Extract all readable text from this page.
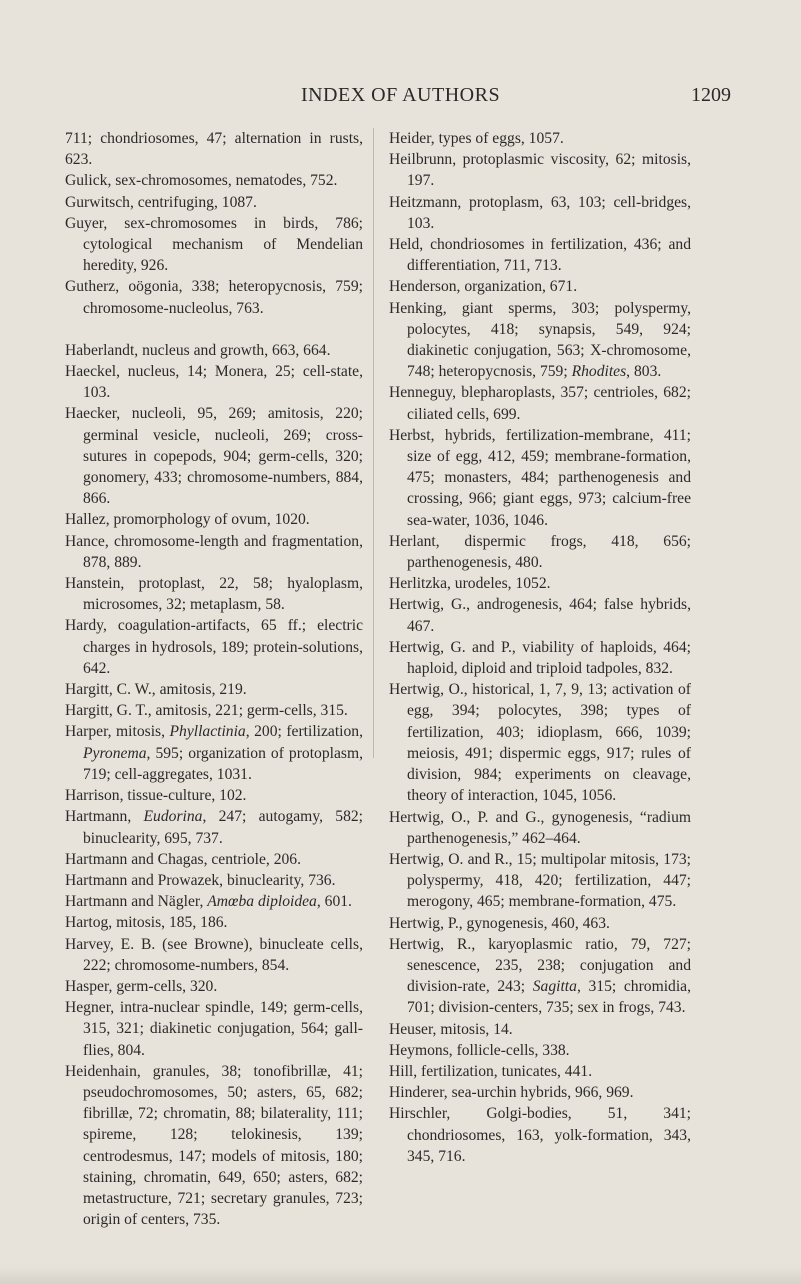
INDEX OF AUTHORS	1209

711; chondriosomes, 47; alternation in rusts, 623.

Gulick, sex-chromosomes, nematodes, 752.

Gurwitsch, centrifuging, 1087.

Guyer, sex-chromosomes in birds, 786; cytological mechanism of Mendelian heredity, 926.

Gutherz, oögonia, 338; heteropycnosis, 759; chromosome-nucleolus, 763.

Haberlandt, nucleus and growth, 663, 664.

Haeckel, nucleus, 14; Monera, 25; cell-state, 103.

Haecker, nucleoli, 95, 269; amitosis, 220; germinal vesicle, nucleoli, 269; cross-sutures in copepods, 904; germ-cells, 320; gonomery, 433; chromosome-numbers, 884, 866.

Hallez, promorphology of ovum, 1020.

Hance, chromosome-length and fragmentation, 878, 889.

Hanstein, protoplast, 22, 58; hyaloplasm, microsomes, 32; metaplasm, 58.

Hardy, coagulation-artifacts, 65 ff.; electric charges in hydrosols, 189; protein-solutions, 642.

Hargitt, C. W., amitosis, 219.

Hargitt, G. T., amitosis, 221; germ-cells, 315.

Harper, mitosis, Phyllactinia, 200; fertilization, Pyronema, 595; organization of protoplasm, 719; cell-aggregates, 1031.

Harrison, tissue-culture, 102.

Hartmann, Eudorina, 247; autogamy, 582; binuclearity, 695, 737.

Hartmann and Chagas, centriole, 206.

Hartmann and Prowazek, binuclearity, 736.

Hartmann and Nägler, Amœba diploidea, 601.

Hartog, mitosis, 185, 186.

Harvey, E. B. (see Browne), binucleate cells, 222; chromosome-numbers, 854.

Hasper, germ-cells, 320.

Hegner, intra-nuclear spindle, 149; germ-cells, 315, 321; diakinetic conjugation, 564; gall-flies, 804.

Heidenhain, granules, 38; tonofibrillæ, 41; pseudochromosomes, 50; asters, 65, 682; fibrillæ, 72; chromatin, 88; bilaterality, 111; spireme, 128; telokinesis, 139; centrodesmus, 147; models of mitosis, 180; staining, chromatin, 649, 650; asters, 682; metastructure, 721; secretary granules, 723; origin of centers, 735.

Heider, types of eggs, 1057.

Heilbrunn, protoplasmic viscosity, 62; mitosis, 197.

Heitzmann, protoplasm, 63, 103; cell-bridges, 103.

Held, chondriosomes in fertilization, 436; and differentiation, 711, 713.

Henderson, organization, 671.

Henking, giant sperms, 303; polyspermy, polocytes, 418; synapsis, 549, 924; diakinetic conjugation, 563; X-chromosome, 748; heteropycnosis, 759; Rhodites, 803.

Henneguy, blepharoplasts, 357; centrioles, 682; ciliated cells, 699.

Herbst, hybrids, fertilization-membrane, 411; size of egg, 412, 459; membrane-formation, 475; monasters, 484; parthenogenesis and crossing, 966; giant eggs, 973; calcium-free sea-water, 1036, 1046.

Herlant, dispermic frogs, 418, 656; parthenogenesis, 480.

Herlitzka, urodeles, 1052.

Hertwig, G., androgenesis, 464; false hybrids, 467.

Hertwig, G. and P., viability of haploids, 464; haploid, diploid and triploid tadpoles, 832.

Hertwig, O., historical, 1, 7, 9, 13; activation of egg, 394; polocytes, 398; types of fertilization, 403; idioplasm, 666, 1039; meiosis, 491; dispermic eggs, 917; rules of division, 984; experiments on cleavage, theory of interaction, 1045, 1056.

Hertwig, O., P. and G., gynogenesis, “radium parthenogenesis,” 462–464.

Hertwig, O. and R., 15; multipolar mitosis, 173; polyspermy, 418, 420; fertilization, 447; merogony, 465; membrane-formation, 475.

Hertwig, P., gynogenesis, 460, 463.

Hertwig, R., karyoplasmic ratio, 79, 727; senescence, 235, 238; conjugation and division-rate, 243; Sagitta, 315; chromidia, 701; division-centers, 735; sex in frogs, 743.

Heuser, mitosis, 14.

Heymons, follicle-cells, 338.

Hill, fertilization, tunicates, 441.

Hinderer, sea-urchin hybrids, 966, 969.

Hirschler, Golgi-bodies, 51, 341; chondriosomes, 163, yolk-formation, 343, 345, 716.
